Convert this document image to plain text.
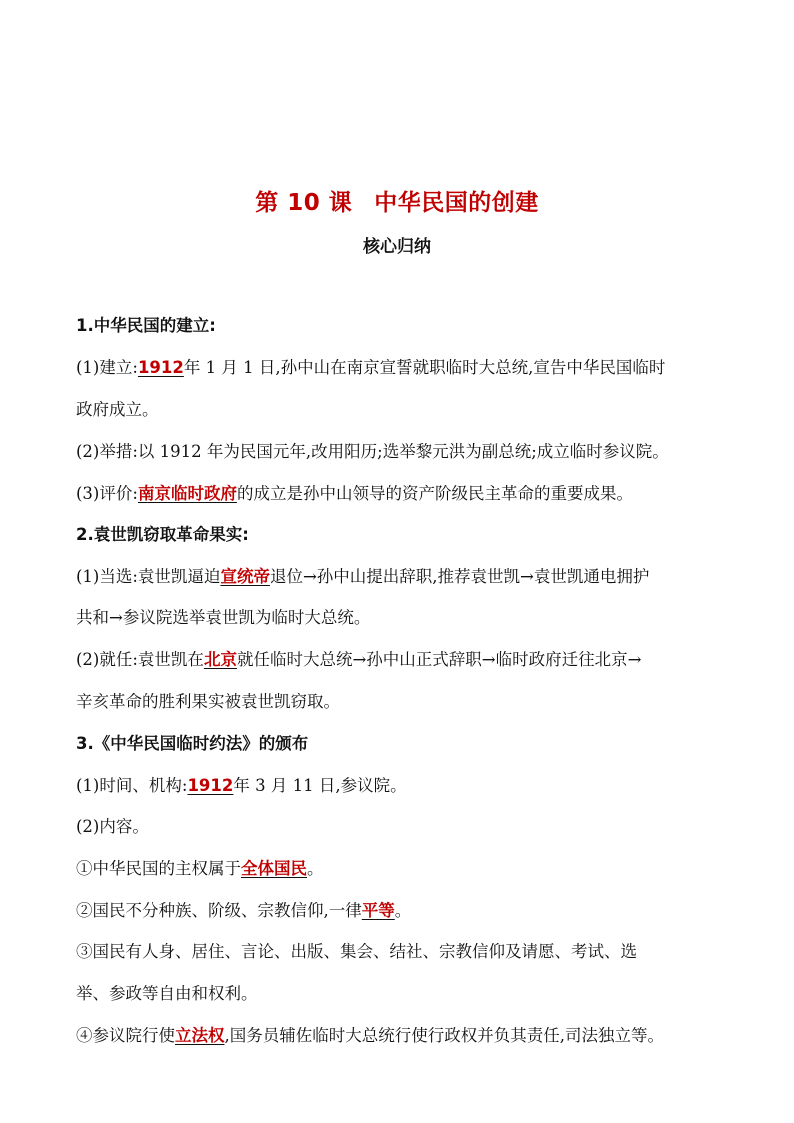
第 10 课 中华民国的创建
核心归纳
1.中华民国的建立:
(1)建立:1912年 1 月 1 日,孙中山在南京宣誓就职临时大总统,宣告中华民国临时
政府成立。
(2)举措:以 1912 年为民国元年,改用阳历;选举黎元洪为副总统;成立临时参议院。
(3)评价:南京临时政府的成立是孙中山领导的资产阶级民主革命的重要成果。
2.袁世凯窃取革命果实:
(1)当选:袁世凯逼迫宣统帝退位→孙中山提出辞职,推荐袁世凯→袁世凯通电拥护
共和→参议院选举袁世凯为临时大总统。
(2)就任:袁世凯在北京就任临时大总统→孙中山正式辞职→临时政府迁往北京→
辛亥革命的胜利果实被袁世凯窃取。
3.《中华民国临时约法》的颁布
(1)时间、机构:1912年 3 月 11 日,参议院。
(2)内容。
①中华民国的主权属于全体国民。
②国民不分种族、阶级、宗教信仰,一律平等。
③国民有人身、居住、言论、出版、集会、结社、宗教信仰及请愿、考试、选
举、参政等自由和权利。
④参议院行使立法权,国务员辅佐临时大总统行使行政权并负其责任,司法独立等。
